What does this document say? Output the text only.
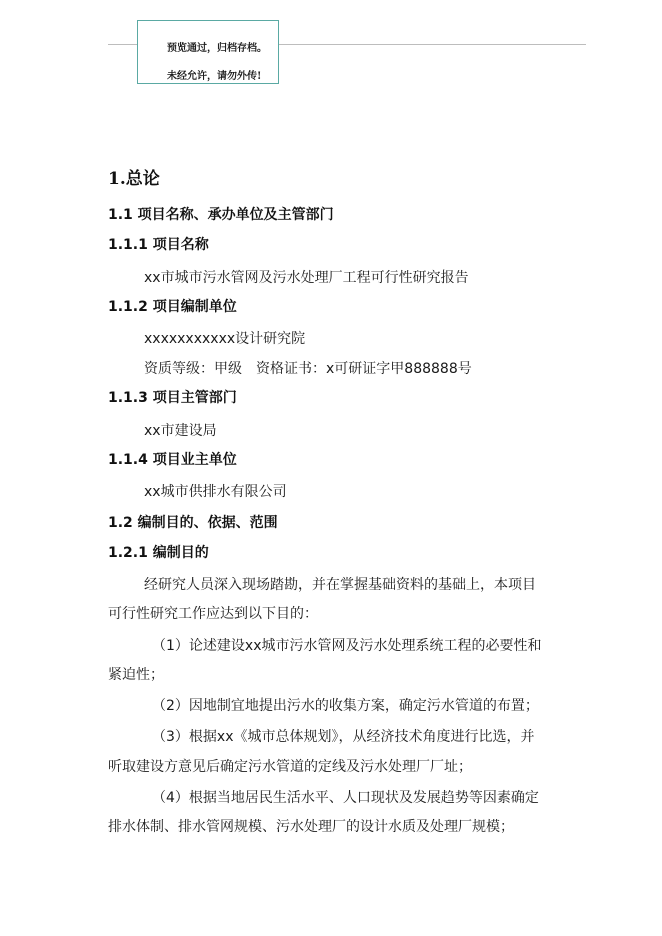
预览通过，归档存档。
未经允许，请勿外传!
1.总论
1.1 项目名称、承办单位及主管部门
1.1.1 项目名称
xx市城市污水管网及污水处理厂工程可行性研究报告
1.1.2 项目编制单位
xxxxxxxxxxx设计研究院
资质等级：甲级　资格证书：x可研证字甲888888号
1.1.3 项目主管部门
xx市建设局
1.1.4 项目业主单位
xx城市供排水有限公司
1.2 编制目的、依据、范围
1.2.1 编制目的
经研究人员深入现场踏勘，并在掌握基础资料的基础上，本项目
可行性研究工作应达到以下目的：
（1）论述建设xx城市污水管网及污水处理系统工程的必要性和
紧迫性；
（2）因地制宜地提出污水的收集方案，确定污水管道的布置；
（3）根据xx《城市总体规划》，从经济技术角度进行比选，并
听取建设方意见后确定污水管道的定线及污水处理厂厂址；
（4）根据当地居民生活水平、人口现状及发展趋势等因素确定
排水体制、排水管网规模、污水处理厂的设计水质及处理厂规模；
